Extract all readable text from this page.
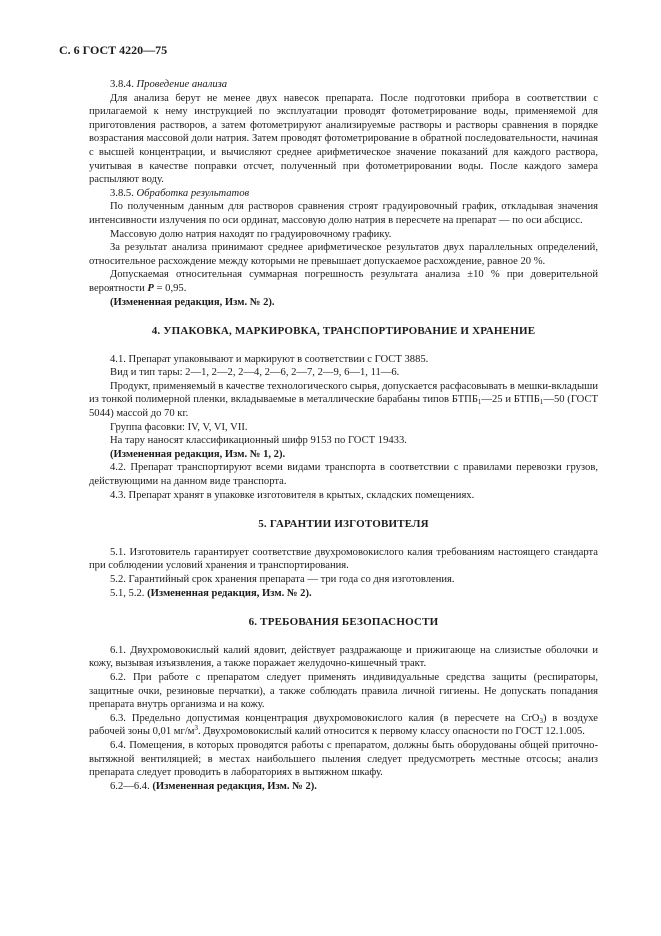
С. 6 ГОСТ 4220—75

3.8.4. Проведение анализа

Для анализа берут не менее двух навесок препарата. После подготовки прибора в соответствии с прилагаемой к нему инструкцией по эксплуатации проводят фотометрирование воды, применяемой для приготовления растворов, а затем фотометрируют анализируемые растворы и растворы сравнения в порядке возрастания массовой доли натрия. Затем проводят фотометрирование в обратной последовательности, начиная с высшей концентрации, и вычисляют среднее арифметическое значение показаний для каждого раствора, учитывая в качестве поправки отсчет, полученный при фотометрировании воды. После каждого замера распыляют воду.

3.8.5. Обработка результатов

По полученным данным для растворов сравнения строят градуировочный график, откладывая значения интенсивности излучения по оси ординат, массовую долю натрия в пересчете на препарат — по оси абсцисс.

Массовую долю натрия находят по градуировочному графику.

За результат анализа принимают среднее арифметическое результатов двух параллельных определений, относительное расхождение между которыми не превышает допускаемое расхождение, равное 20 %.

Допускаемая относительная суммарная погрешность результата анализа ±10 % при доверительной вероятности P = 0,95.

(Измененная редакция, Изм. № 2).

4. УПАКОВКА, МАРКИРОВКА, ТРАНСПОРТИРОВАНИЕ И ХРАНЕНИЕ

4.1. Препарат упаковывают и маркируют в соответствии с ГОСТ 3885.

Вид и тип тары: 2—1, 2—2, 2—4, 2—6, 2—7, 2—9, 6—1, 11—6.

Продукт, применяемый в качестве технологического сырья, допускается расфасовывать в мешки-вкладыши из тонкой полимерной пленки, вкладываемые в металлические барабаны типов $БТПБ_1—25$ и $БТПБ_1—50$ (ГОСТ 5044) массой до 70 кг.

Группа фасовки: IV, V, VI, VII.

На тару наносят классификационный шифр 9153 по ГОСТ 19433.

(Измененная редакция, Изм. № 1, 2).

4.2. Препарат транспортируют всеми видами транспорта в соответствии с правилами перевозки грузов, действующими на данном виде транспорта.

4.3. Препарат хранят в упаковке изготовителя в крытых, складских помещениях.

5. ГАРАНТИИ ИЗГОТОВИТЕЛЯ

5.1. Изготовитель гарантирует соответствие двухромовокислого калия требованиям настоящего стандарта при соблюдении условий хранения и транспортирования.

5.2. Гарантийный срок хранения препарата — три года со дня изготовления.

5.1, 5.2. (Измененная редакция, Изм. № 2).

6. ТРЕБОВАНИЯ БЕЗОПАСНОСТИ

6.1. Двухромовокислый калий ядовит, действует раздражающе и прижигающе на слизистые оболочки и кожу, вызывая изъязвления, а также поражает желудочно-кишечный тракт.

6.2. При работе с препаратом следует применять индивидуальные средства защиты (респираторы, защитные очки, резиновые перчатки), а также соблюдать правила личной гигиены. Не допускать попадания препарата внутрь организма и на кожу.

6.3. Предельно допустимая концентрация двухромовокислого калия (в пересчете на CrO$_3$) в воздухе рабочей зоны 0,01 $мг/м^3$. Двухромовокислый калий относится к первому классу опасности по ГОСТ 12.1.005.

6.4. Помещения, в которых проводятся работы с препаратом, должны быть оборудованы общей приточно-вытяжной вентиляцией; в местах наибольшего пыления следует предусмотреть местные отсосы; анализ препарата следует проводить в лабораториях в вытяжном шкафу.

6.2—6.4. (Измененная редакция, Изм. № 2).
